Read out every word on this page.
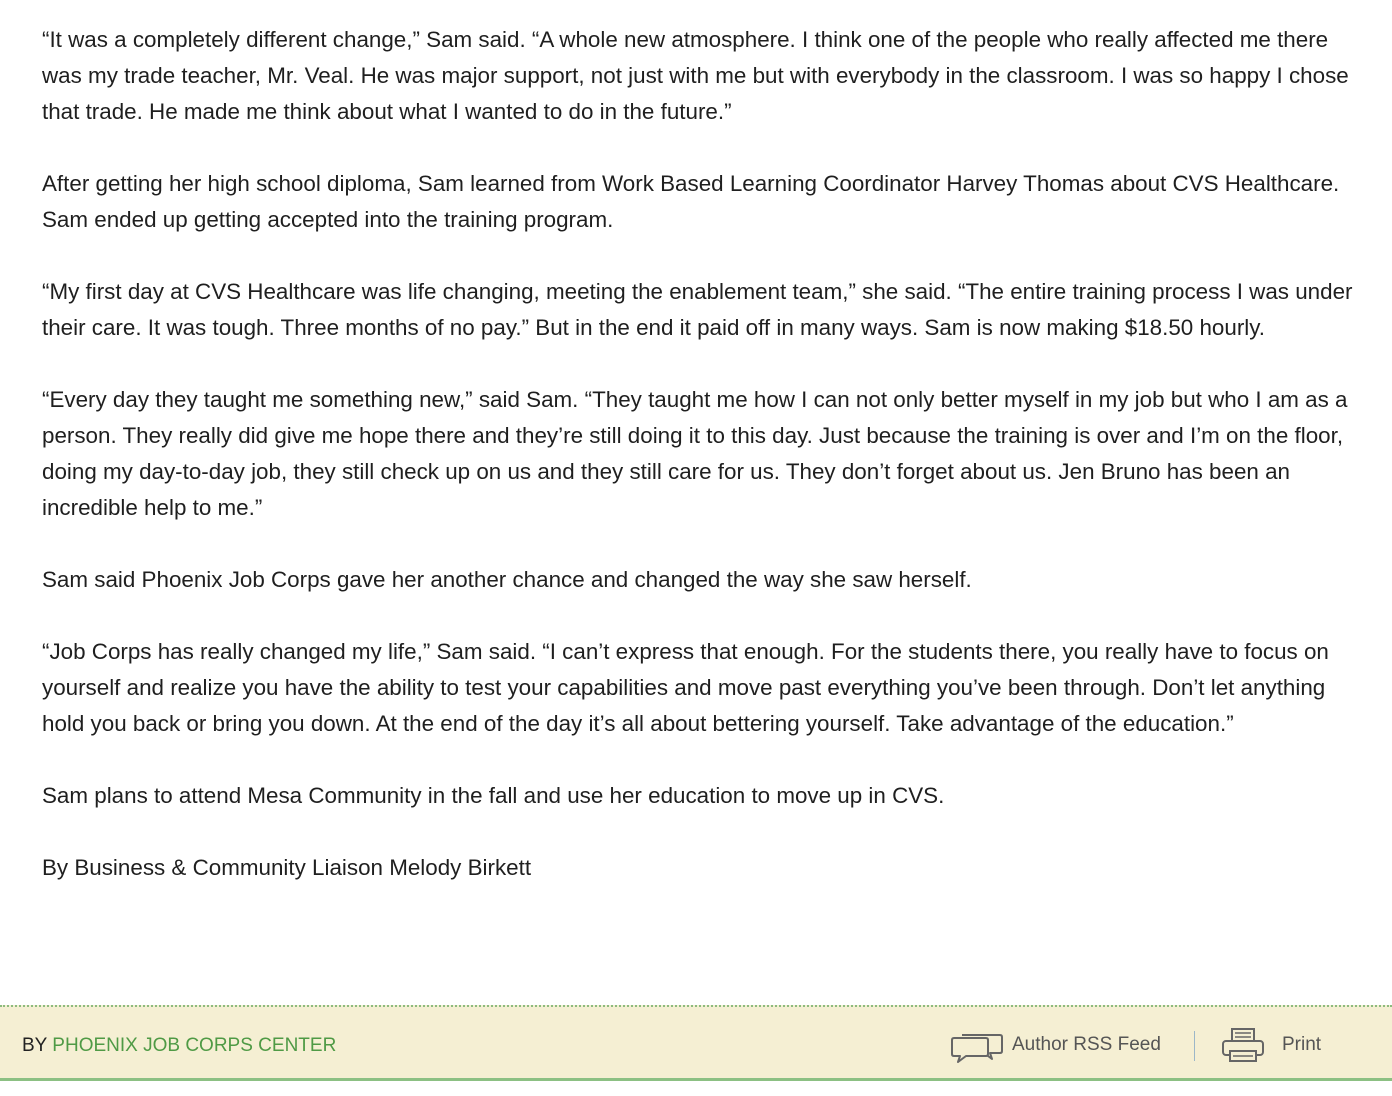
“It was a completely different change,” Sam said. “A whole new atmosphere. I think one of the people who really affected me there was my trade teacher, Mr. Veal. He was major support, not just with me but with everybody in the classroom. I was so happy I chose that trade. He made me think about what I wanted to do in the future.”

After getting her high school diploma, Sam learned from Work Based Learning Coordinator Harvey Thomas about CVS Healthcare. Sam ended up getting accepted into the training program.

“My first day at CVS Healthcare was life changing, meeting the enablement team,” she said. “The entire training process I was under their care. It was tough. Three months of no pay.” But in the end it paid off in many ways. Sam is now making $18.50 hourly.

“Every day they taught me something new,” said Sam. “They taught me how I can not only better myself in my job but who I am as a person. They really did give me hope there and they’re still doing it to this day. Just because the training is over and I’m on the floor, doing my day-to-day job, they still check up on us and they still care for us. They don’t forget about us. Jen Bruno has been an incredible help to me.”

Sam said Phoenix Job Corps gave her another chance and changed the way she saw herself.

“Job Corps has really changed my life,” Sam said. “I can’t express that enough. For the students there, you really have to focus on yourself and realize you have the ability to test your capabilities and move past everything you’ve been through. Don’t let anything hold you back or bring you down. At the end of the day it’s all about bettering yourself. Take advantage of the education.”

Sam plans to attend Mesa Community in the fall and use her education to move up in CVS.

By Business & Community Liaison Melody Birkett

BY PHOENIX JOB CORPS CENTER	Author RSS Feed	Print
